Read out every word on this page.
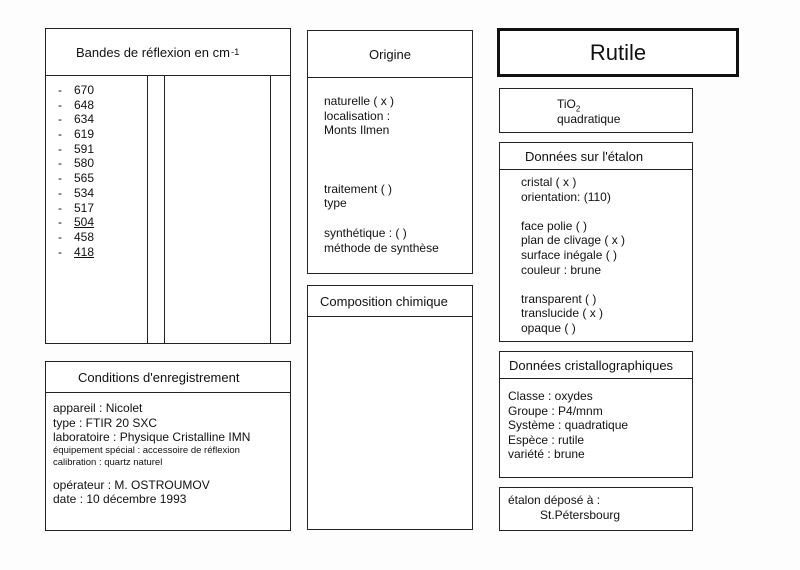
Rutile
TiO$_2$
quadratique
Bandes de réflexion en cm -1
-	670
-	648
-	634
-	619
-	591
-	580
-	565
-	534
-	517
-	504
-	458
-	418
Origine
naturelle ( x )
localisation :
Monts Ilmen
traitement ( )
type
synthétique : ( )
méthode de synthèse
Composition chimique
Données sur l'étalon
cristal ( x )
orientation: (110)
face polie ( )
plan de clivage ( x )
surface inégale ( )
couleur : brune
transparent ( )
translucide ( x )
opaque ( )
Données cristallographiques
Classe : oxydes
Groupe : P4/mnm
Système : quadratique
Espèce : rutile
variété : brune
étalon déposé à :
St.Pétersbourg
Conditions d'enregistrement
appareil : Nicolet
type : FTIR 20 SXC
laboratoire : Physique Cristalline IMN
équipement spécial : accessoire de réflexion
calibration : quartz naturel
opérateur : M. OSTROUMOV
date : 10 décembre 1993
